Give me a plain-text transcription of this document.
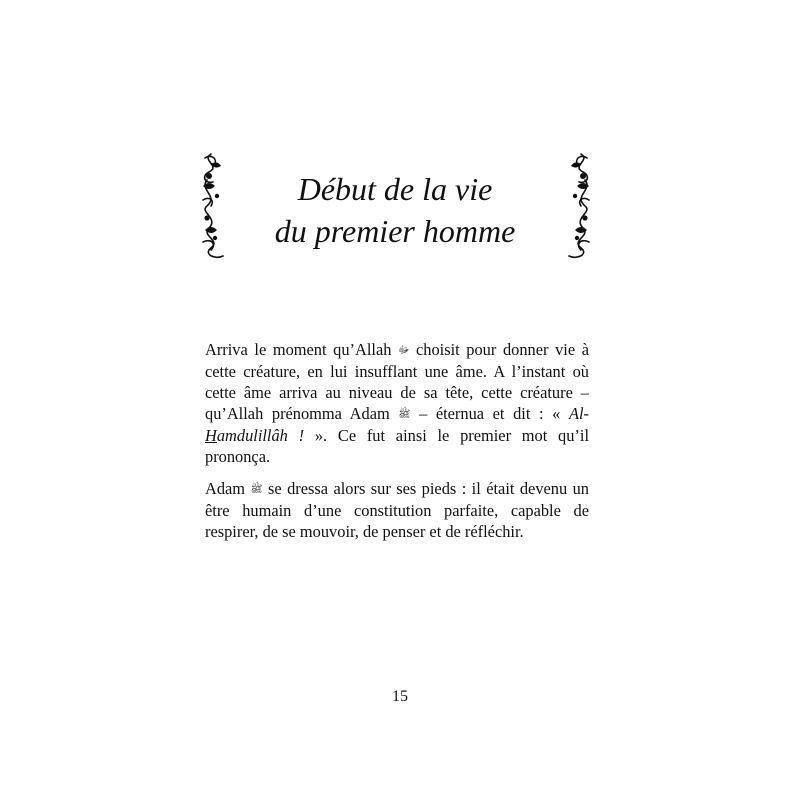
Début de la vie
du premier homme

Arriva le moment qu’Allah ﷻ choisit pour donner vie à cette créature, en lui insufflant une âme. A l’instant où cette âme arriva au niveau de sa tête, cette créature – qu’Allah prénomma Adam ﷺ – éternua et dit : « Al-Hamdulillâh ! ». Ce fut ainsi le premier mot qu’il prononça.

Adam ﷺ se dressa alors sur ses pieds : il était devenu un être humain d’une constitution parfaite, capable de respirer, de se mouvoir, de penser et de réfléchir.

15
